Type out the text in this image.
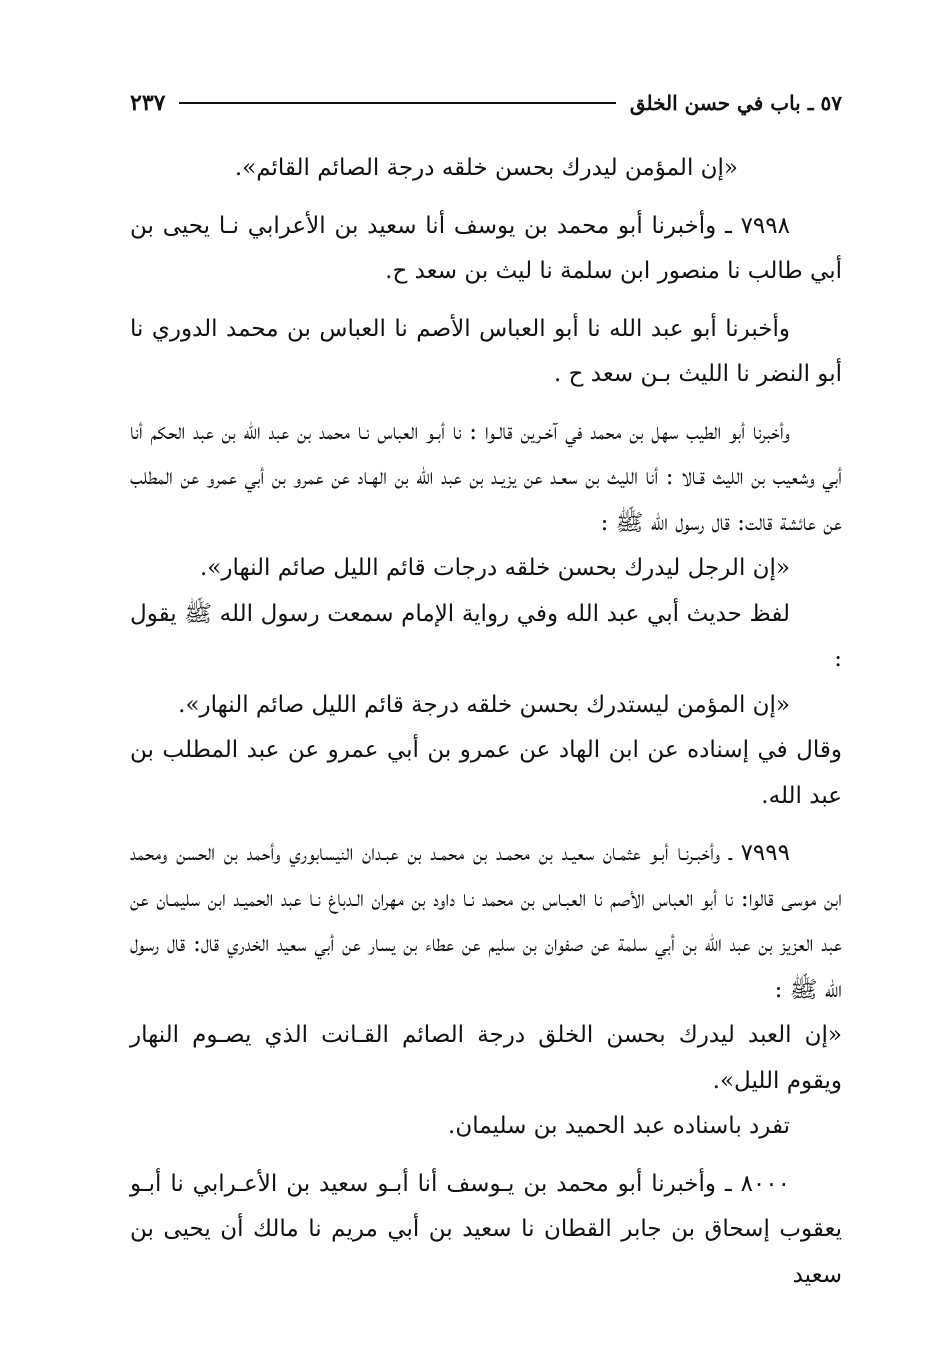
٥٧ ـ باب في حسن الخلق
٢٣٧

«إن المؤمن ليدرك بحسن خلقه درجة الصائم القائم».

٧٩٩٨ ـ وأخبرنا أبو محمد بن يوسف أنا سعيد بن الأعرابي نـا يحيى بن أبي طالب نا منصور ابن سلمة نا ليث بن سعد ح.

وأخبرنا أبو عبد الله نا أبو العباس الأصم نا العباس بن محمد الدوري نا أبو النضر نا الليث بـن سعد ح .

وأخبرنا أبو الطيب سهل بن محمد في آخـرين قالـوا : نا أبـو العباس نـا محمد بن عبد الله بن عبد الحكم أنا أبي وشعيب بن الليث قـالا : أنا الليث بن سعـد عن يزيـد بن عبد الله بن الهـاد عن عمرو بن أبي عمرو عن المطلب عن عائشة قالت: قال رسول الله ﷺ :

«إن الرجل ليدرك بحسن خلقه درجات قائم الليل صائم النهار».

لفظ حديث أبي عبد الله وفي رواية الإمام سمعت رسول الله ﷺ يقول :

«إن المؤمن ليستدرك بحسن خلقه درجة قائم الليل صائم النهار».

وقال في إسناده عن ابن الهاد عن عمرو بن أبي عمرو عن عبد المطلب بن عبد الله.

٧٩٩٩ ـ وأخبـرنـا أبـو عثمـان سعيـد بن محمـد بن محمـد بن عبـدان النيسابوري وأحمد بن الحسن ومحمد ابن موسى قالوا: نا أبو العباس الأصم نا العبـاس بن محمد نـا داود بن مهران الـدباغ نـا عبد الحميـد ابن سليمـان عن عبد العزيز بن عبد الله بن أبي سلمة عن صفوان بن سليم عن عطاء بن يسار عن أبي سعيد الخدري قال: قال رسول الله ﷺ :

«إن العبد ليدرك بحسن الخلق درجة الصائم القـانت الذي يصـوم النهار ويقوم الليل».

تفرد باسناده عبد الحميد بن سليمان.

٨٠٠٠ ـ وأخبرنا أبو محمد بن يـوسف أنا أبـو سعيد بن الأعـرابي نا أبـو يعقوب إسحاق بن جابر القطان نا سعيد بن أبي مريم نا مالك أن يحيى بن سعيد
